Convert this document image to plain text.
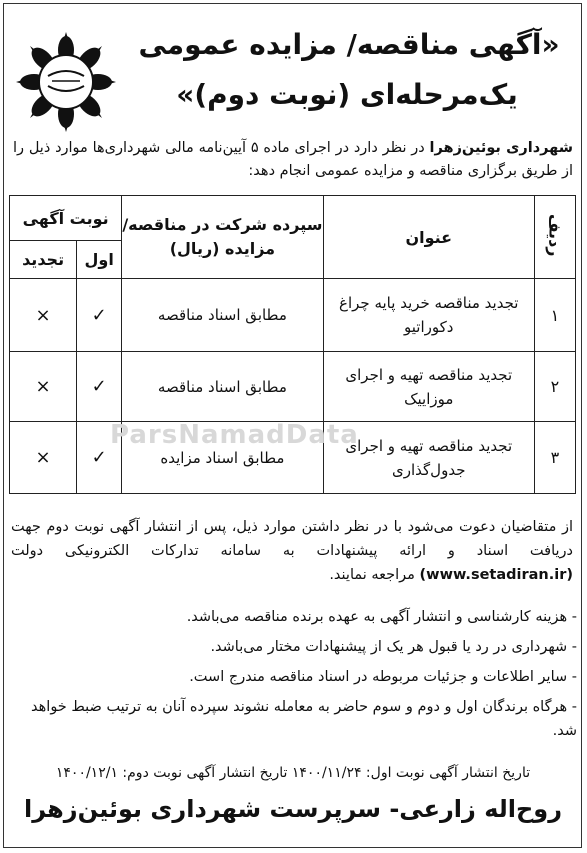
«آگهی مناقصه/ مزایده عمومی
یک‌مرحله‌ای (نوبت دوم)»
شهرداری بوئین‌زهرا در نظر دارد در اجرای ماده ۵ آیین‌نامه مالی شهرداری‌ها موارد ذیل را از طریق برگزاری مناقصه و مزایده عمومی انجام دهد:
ردیف	عنوان	سپرده شرکت در مناقصه/مزایده (ریال)	نوبت آگهی	
			اول	تجدید
۱	تجدید مناقصه خرید پایه چراغ دکوراتیو	مطابق اسناد مناقصه	✓	×
۲	تجدید مناقصه تهیه و اجرای موزاییک	مطابق اسناد مناقصه	✓	×
۳	تجدید مناقصه تهیه و اجرای جدول‌گذاری	مطابق اسناد مزایده	✓	×
ParsNamadData

از متقاضیان دعوت می‌شود با در نظر داشتن موارد ذیل، پس از انتشار آگهی نوبت دوم جهت دریافت اسناد و ارائه پیشنهادات به سامانه تدارکات الکترونیکی دولت (www.setadiran.ir) مراجعه نمایند.

- هزینه کارشناسی و انتشار آگهی به عهده برنده مناقصه می‌باشد.
- شهرداری در رد یا قبول هر یک از پیشنهادات مختار می‌باشد.
- سایر اطلاعات و جزئیات مربوطه در اسناد مناقصه مندرج است.
- هرگاه برندگان اول و دوم و سوم حاضر به معامله نشوند سپرده آنان به ترتیب ضبط خواهد شد.
تاریخ انتشار آگهی نوبت اول: ۱۴۰۰/۱۱/۲۴ تاریخ انتشار آگهی نوبت دوم: ۱۴۰۰/۱۲/۱
روح‌اله زارعی- سرپرست شهرداری بوئین‌زهرا
